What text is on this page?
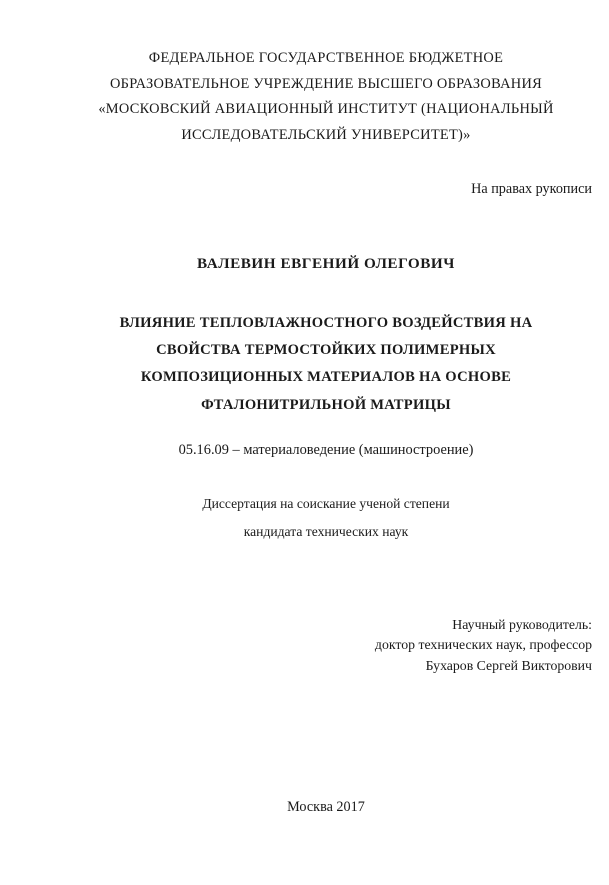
ФЕДЕРАЛЬНОЕ ГОСУДАРСТВЕННОЕ БЮДЖЕТНОЕ
ОБРАЗОВАТЕЛЬНОЕ УЧРЕЖДЕНИЕ ВЫСШЕГО ОБРАЗОВАНИЯ
«МОСКОВСКИЙ АВИАЦИОННЫЙ ИНСТИТУТ (НАЦИОНАЛЬНЫЙ
ИССЛЕДОВАТЕЛЬСКИЙ УНИВЕРСИТЕТ)»
На правах рукописи
ВАЛЕВИН ЕВГЕНИЙ ОЛЕГОВИЧ
ВЛИЯНИЕ ТЕПЛОВЛАЖНОСТНОГО ВОЗДЕЙСТВИЯ НА
СВОЙСТВА ТЕРМОСТОЙКИХ ПОЛИМЕРНЫХ
КОМПОЗИЦИОННЫХ МАТЕРИАЛОВ НА ОСНОВЕ
ФТАЛОНИТРИЛЬНОЙ МАТРИЦЫ
05.16.09 – материаловедение (машиностроение)
Диссертация на соискание ученой степени
кандидата технических наук
Научный руководитель:
доктор технических наук, профессор
Бухаров Сергей Викторович
Москва 2017
